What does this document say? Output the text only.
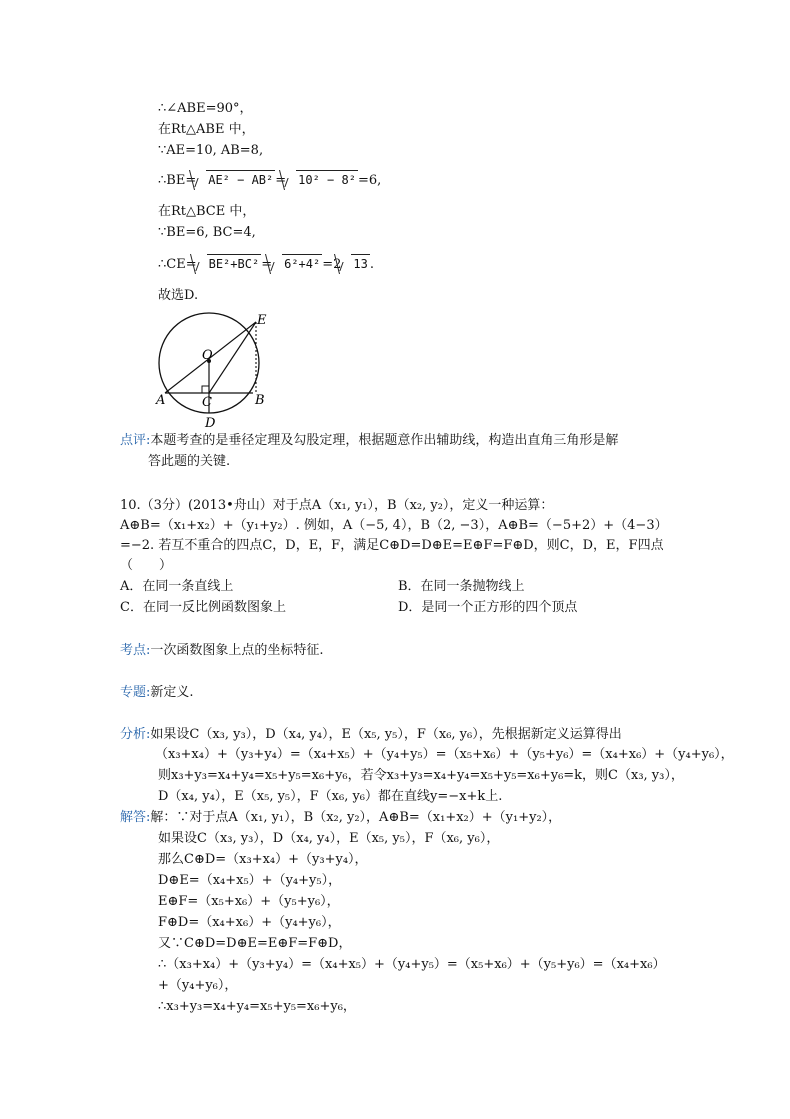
∴∠ABE=90°，
在Rt△ABE 中，
∵AE=10, AB=8,
∴BE= AE² − AB² = 10² − 8² =6,
在Rt△BCE 中，
∵BE=6, BC=4,
∴CE= BE²+BC² = 6²+4² =2 13 .
故选D.
E
O
A	C	B
D
点评:本题考查的是垂径定理及勾股定理，根据题意作出辅助线，构造出直角三角形是解
答此题的关键.
10.（3分）(2013•舟山）对于点A（x₁, y₁），B（x₂, y₂），定义一种运算：
A⊕B=（x₁+x₂）+（y₁+y₂）. 例如，A（−5, 4），B（2, −3），A⊕B=（−5+2）+（4−3）
=−2. 若互不重合的四点C，D，E，F，满足C⊕D=D⊕E=E⊕F=F⊕D，则C，D，E，F四点
（　　）
A．在同一条直线上	B．在同一条抛物线上
C．在同一反比例函数图象上	D．是同一个正方形的四个顶点
考点:一次函数图象上点的坐标特征.
专题:新定义.
分析:如果设C（x₃, y₃），D（x₄, y₄），E（x₅, y₅），F（x₆, y₆），先根据新定义运算得出
（x₃+x₄）+（y₃+y₄）=（x₄+x₅）+（y₄+y₅）=（x₅+x₆）+（y₅+y₆）=（x₄+x₆）+（y₄+y₆），
则x₃+y₃=x₄+y₄=x₅+y₅=x₆+y₆，若令x₃+y₃=x₄+y₄=x₅+y₅=x₆+y₆=k，则C（x₃, y₃），
D（x₄, y₄），E（x₅, y₅），F（x₆, y₆）都在直线y=−x+k上.
解答:解：∵对于点A（x₁, y₁），B（x₂, y₂），A⊕B=（x₁+x₂）+（y₁+y₂），
如果设C（x₃, y₃），D（x₄, y₄），E（x₅, y₅），F（x₆, y₆），
那么C⊕D=（x₃+x₄）+（y₃+y₄），
D⊕E=（x₄+x₅）+（y₄+y₅），
E⊕F=（x₅+x₆）+（y₅+y₆），
F⊕D=（x₄+x₆）+（y₄+y₆），
又∵C⊕D=D⊕E=E⊕F=F⊕D，
∴（x₃+x₄）+（y₃+y₄）=（x₄+x₅）+（y₄+y₅）=（x₅+x₆）+（y₅+y₆）=（x₄+x₆）
+（y₄+y₆），
∴x₃+y₃=x₄+y₄=x₅+y₅=x₆+y₆，
